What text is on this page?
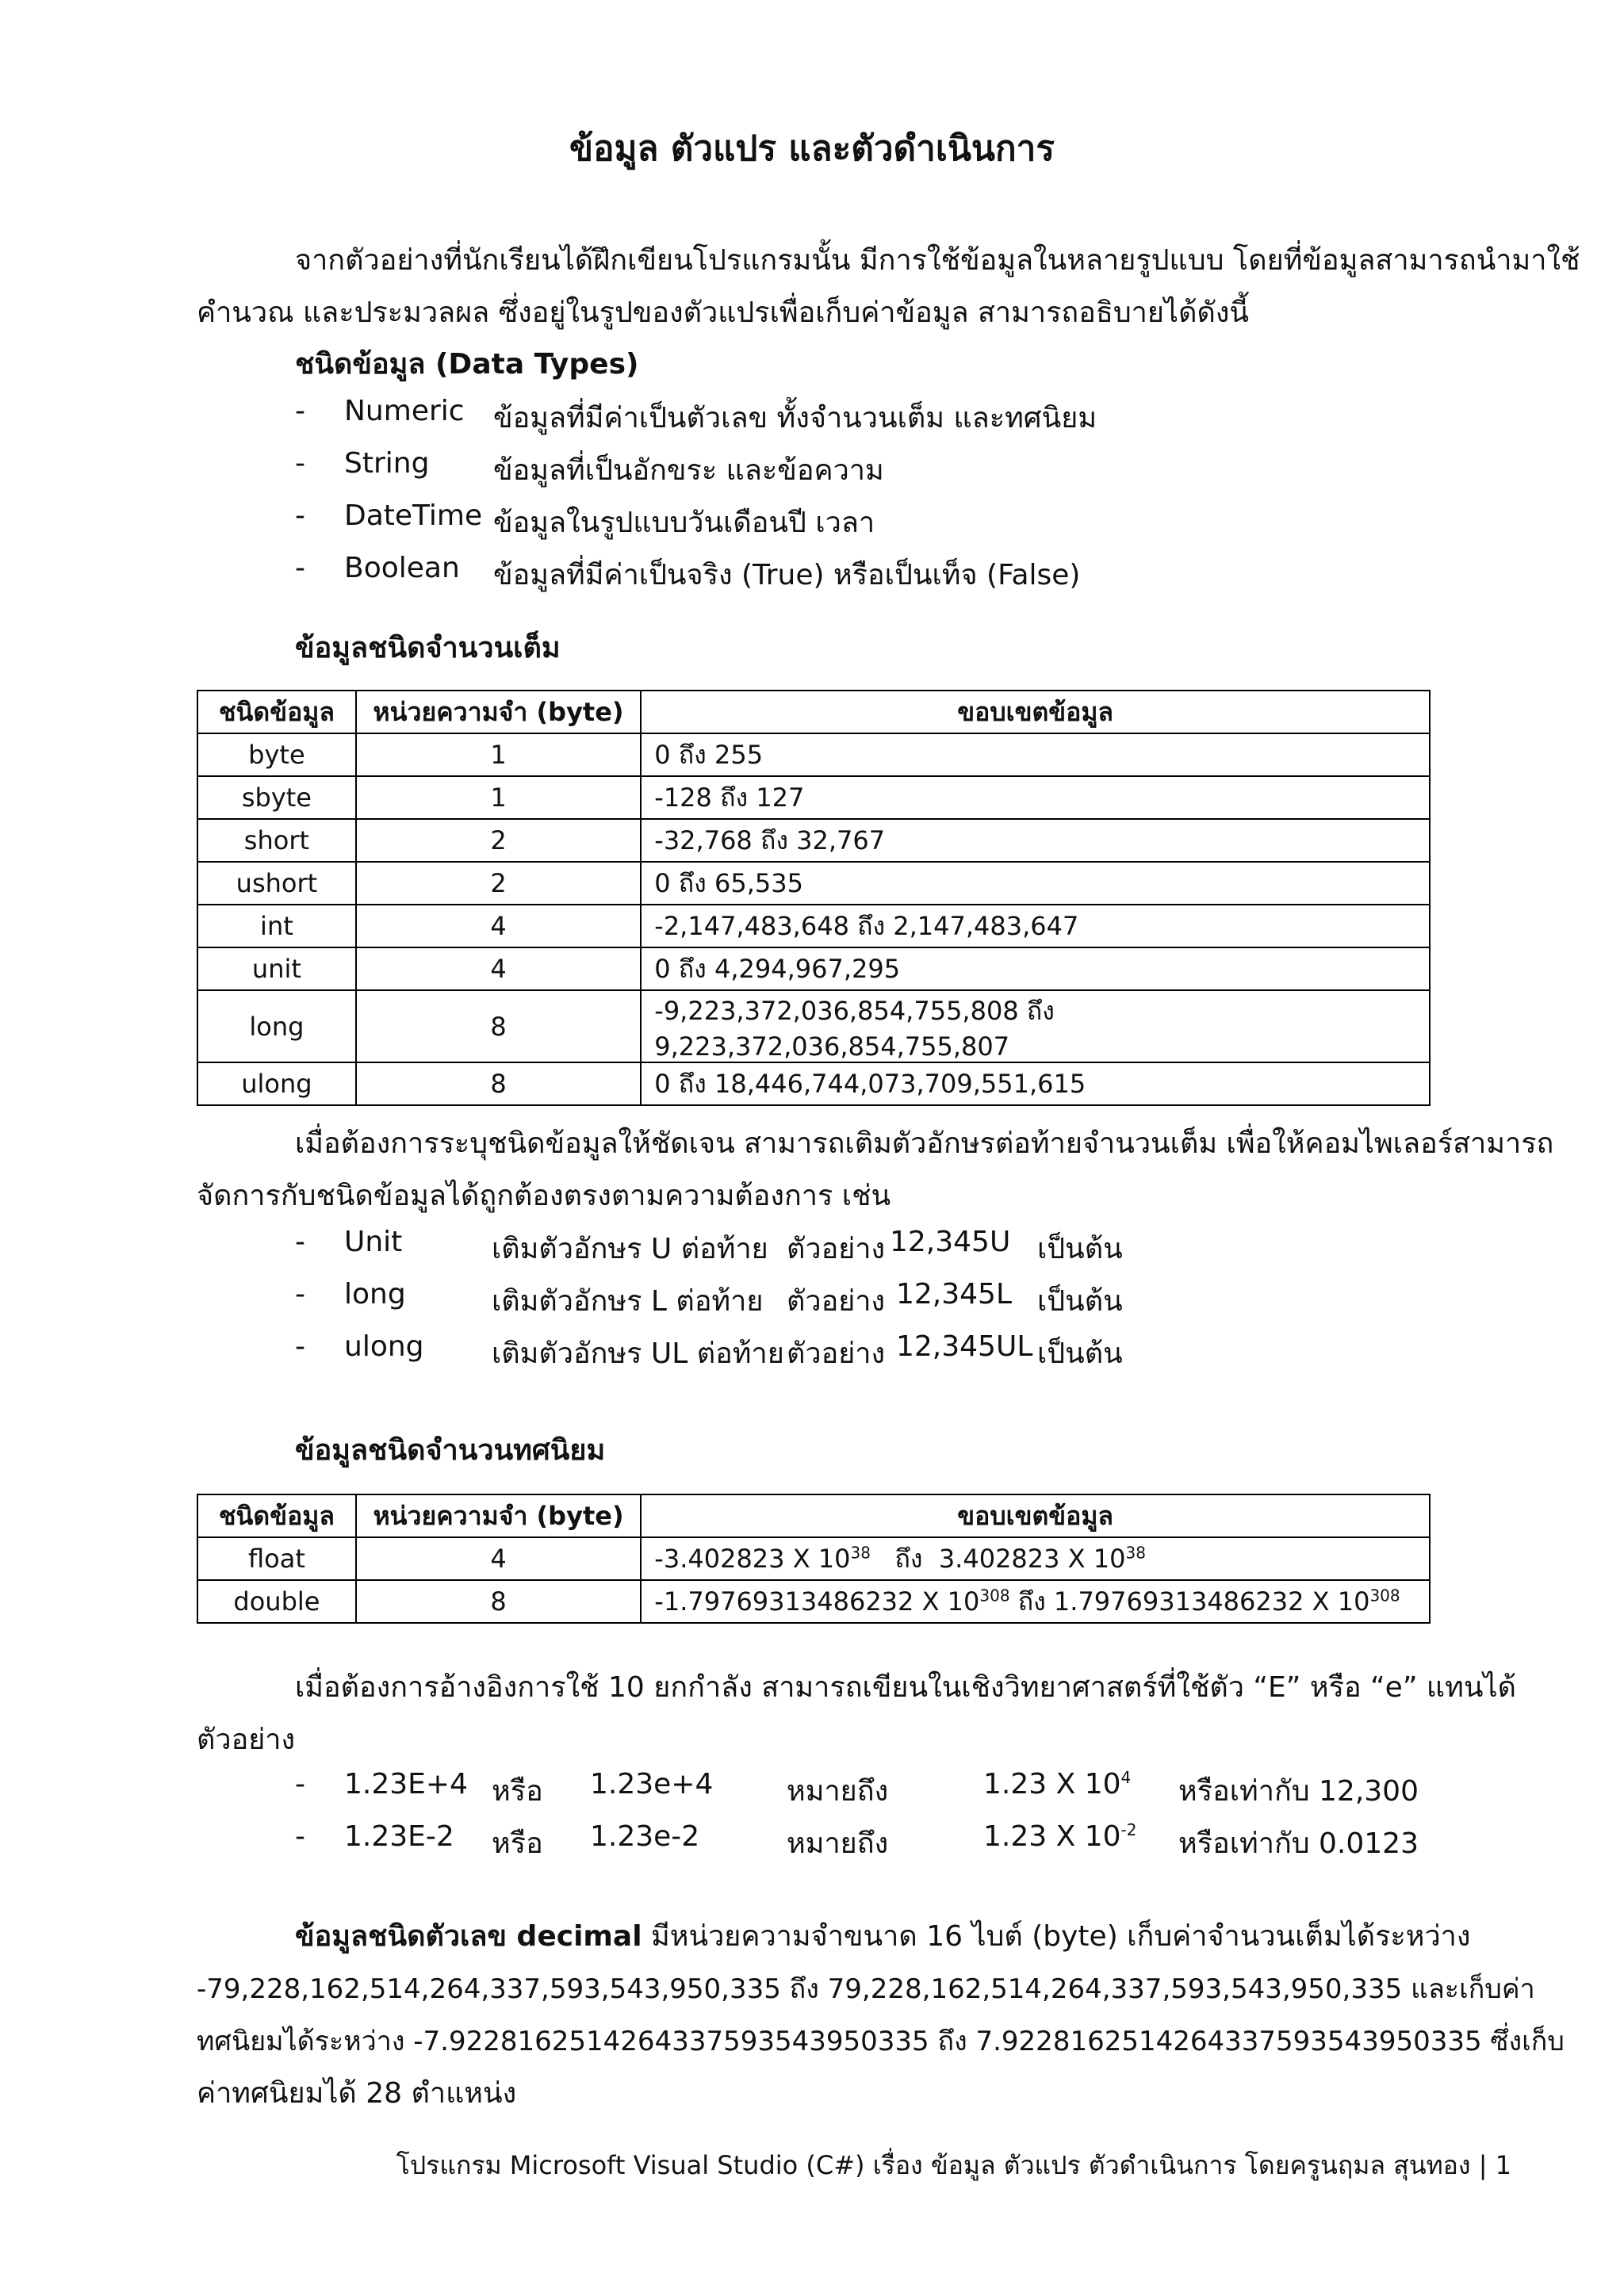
ข้อมูล ตัวแปร และตัวดำเนินการ
จากตัวอย่างที่นักเรียนได้ฝึกเขียนโปรแกรมนั้น มีการใช้ข้อมูลในหลายรูปแบบ โดยที่ข้อมูลสามารถนำมาใช้
คำนวณ และประมวลผล ซึ่งอยู่ในรูปของตัวแปรเพื่อเก็บค่าข้อมูล สามารถอธิบายได้ดังนี้
ชนิดข้อมูล (Data Types)
- Numeric ข้อมูลที่มีค่าเป็นตัวเลข ทั้งจำนวนเต็ม และทศนิยม
- String ข้อมูลที่เป็นอักขระ และข้อความ
- DateTime ข้อมูลในรูปแบบวันเดือนปี เวลา
- Boolean ข้อมูลที่มีค่าเป็นจริง (True) หรือเป็นเท็จ (False)
ข้อมูลชนิดจำนวนเต็ม
ชนิดข้อมูล	หน่วยความจำ (byte)	ขอบเขตข้อมูล
byte	1	0 ถึง 255
sbyte	1	-128 ถึง 127
short	2	-32,768 ถึง 32,767
ushort	2	0 ถึง 65,535
int	4	-2,147,483,648 ถึง 2,147,483,647
unit	4	0 ถึง 4,294,967,295
long	8	-9,223,372,036,854,755,808 ถึง 9,223,372,036,854,755,807
ulong	8	0 ถึง 18,446,744,073,709,551,615
เมื่อต้องการระบุชนิดข้อมูลให้ชัดเจน สามารถเติมตัวอักษรต่อท้ายจำนวนเต็ม เพื่อให้คอมไพเลอร์สามารถ
จัดการกับชนิดข้อมูลได้ถูกต้องตรงตามความต้องการ เช่น
- Unit	เติมตัวอักษร U ต่อท้าย ตัวอย่าง 12,345U เป็นต้น
- long	เติมตัวอักษร L ต่อท้าย ตัวอย่าง 12,345L เป็นต้น
- ulong เติมตัวอักษร UL ต่อท้าย ตัวอย่าง 12,345UL เป็นต้น
ข้อมูลชนิดจำนวนทศนิยม
ชนิดข้อมูล	หน่วยความจำ (byte)	ขอบเขตข้อมูล
float	4	-3.402823 X $10^{38}$ ถึง 3.402823 X $10^{38}$
double	8	-1.79769313486232 X $10^{308}$ ถึง 1.79769313486232 X $10^{308}$
เมื่อต้องการอ้างอิงการใช้ 10 ยกกำลัง สามารถเขียนในเชิงวิทยาศาสตร์ที่ใช้ตัว “E” หรือ “e” แทนได้
ตัวอย่าง
- 1.23E+4 หรือ 1.23e+4	หมายถึง	1.23 X $10^4$ หรือเท่ากับ 12,300
- 1.23E-2 หรือ 1.23e-2	หมายถึง	1.23 X $10^{-2}$ หรือเท่ากับ 0.0123
ข้อมูลชนิดตัวเลข decimal มีหน่วยความจำขนาด 16 ไบต์ (byte) เก็บค่าจำนวนเต็มได้ระหว่าง
-79,228,162,514,264,337,593,543,950,335 ถึง 79,228,162,514,264,337,593,543,950,335 และเก็บค่า
ทศนิยมได้ระหว่าง -7.9228162514264337593543950335 ถึง 7.9228162514264337593543950335 ซึ่งเก็บ
ค่าทศนิยมได้ 28 ตำแหน่ง
โปรแกรม Microsoft Visual Studio (C#) เรื่อง ข้อมูล ตัวแปร ตัวดำเนินการ โดยครูนฤมล สุนทอง | 1
